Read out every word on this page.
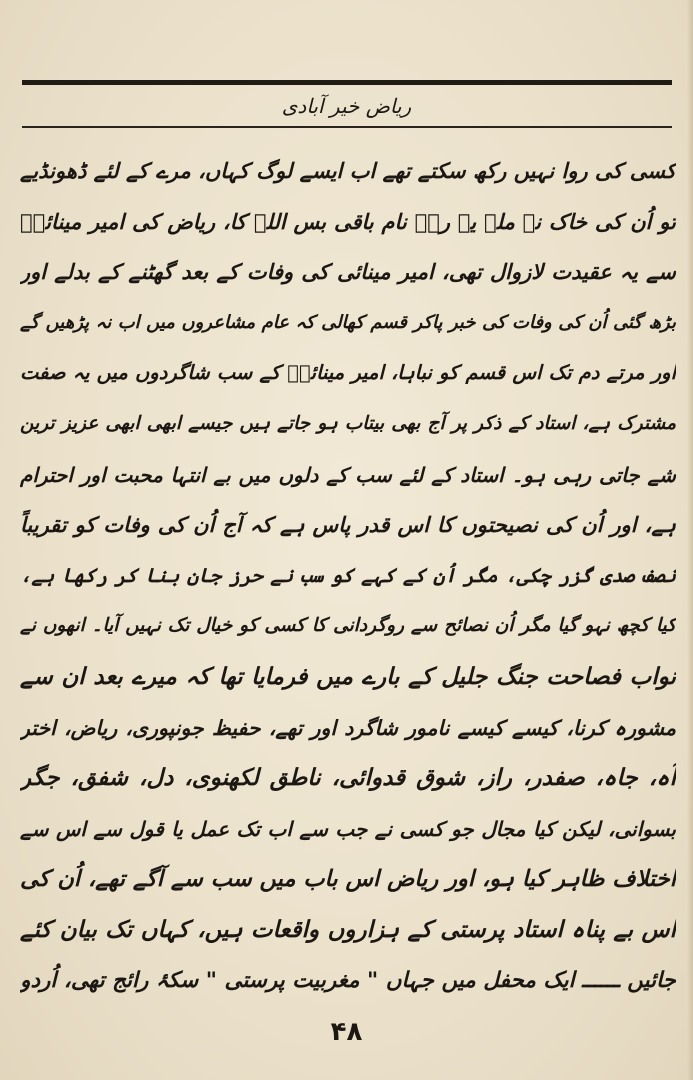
ریاض خیر آبادی
کسی کی روا نہیں رکھ سکتے تھے اب ایسے لوگ کہاں، مرے کے لئے ڈھونڈیے
تو اُن کی خاک نہ ملے یہ رہے نام باقی بس اللہ کا، ریاض کی امیر مینائیؒ
سے یہ عقیدت لازوال تھی، امیر مینائی کی وفات کے بعد گھٹنے کے بدلے اور
بڑھ گئی اُن کی وفات کی خبر پاکر قسم کھالی کہ عام مشاعروں میں اب نہ پڑھیں گے
اور مرتے دم تک اس قسم کو نباہا، امیر مینائیؒ کے سب شاگردوں میں یہ صفت
مشترک ہے، استاد کے ذکر پر آج بھی بیتاب ہو جاتے ہیں جیسے ابھی ابھی عزیز ترین
شے جاتی رہی ہو۔ استاد کے لئے سب کے دلوں میں بے انتہا محبت اور احترام
ہے، اور اُن کی نصیحتوں کا اس قدر پاس ہے کہ آج اُن کی وفات کو تقریباً
نصف صدی گزر چکی، مگر اُن کے کہے کو سب نے حرز جان بنا کر رکھا ہے،
کیا کچھ نہو گیا مگر اُن نصائح سے روگردانی کا کسی کو خیال تک نہیں آیا۔ انھوں نے
نواب فصاحت جنگ جلیل کے بارے میں فرمایا تھا کہ میرے بعد ان سے
مشورہ کرنا، کیسے کیسے نامور شاگرد اور تھے، حفیظ جونپوری، ریاض، اختر
آہ، جاہ، صفدر، راز، شوق قدوائی، ناطق لکھنوی، دل، شفق، جگر
بسوانی، لیکن کیا مجال جو کسی نے جب سے اب تک عمل یا قول سے اس سے
اختلاف ظاہر کیا ہو، اور ریاض اس باب میں سب سے آگے تھے، اُن کی
اس بے پناہ استاد پرستی کے ہزاروں واقعات ہیں، کہاں تک بیان کئے
جائیں ــــــ ایک محفل میں جہاں " مغربیت پرستی " سکۂ رائج تھی، اُردو
۴۸
